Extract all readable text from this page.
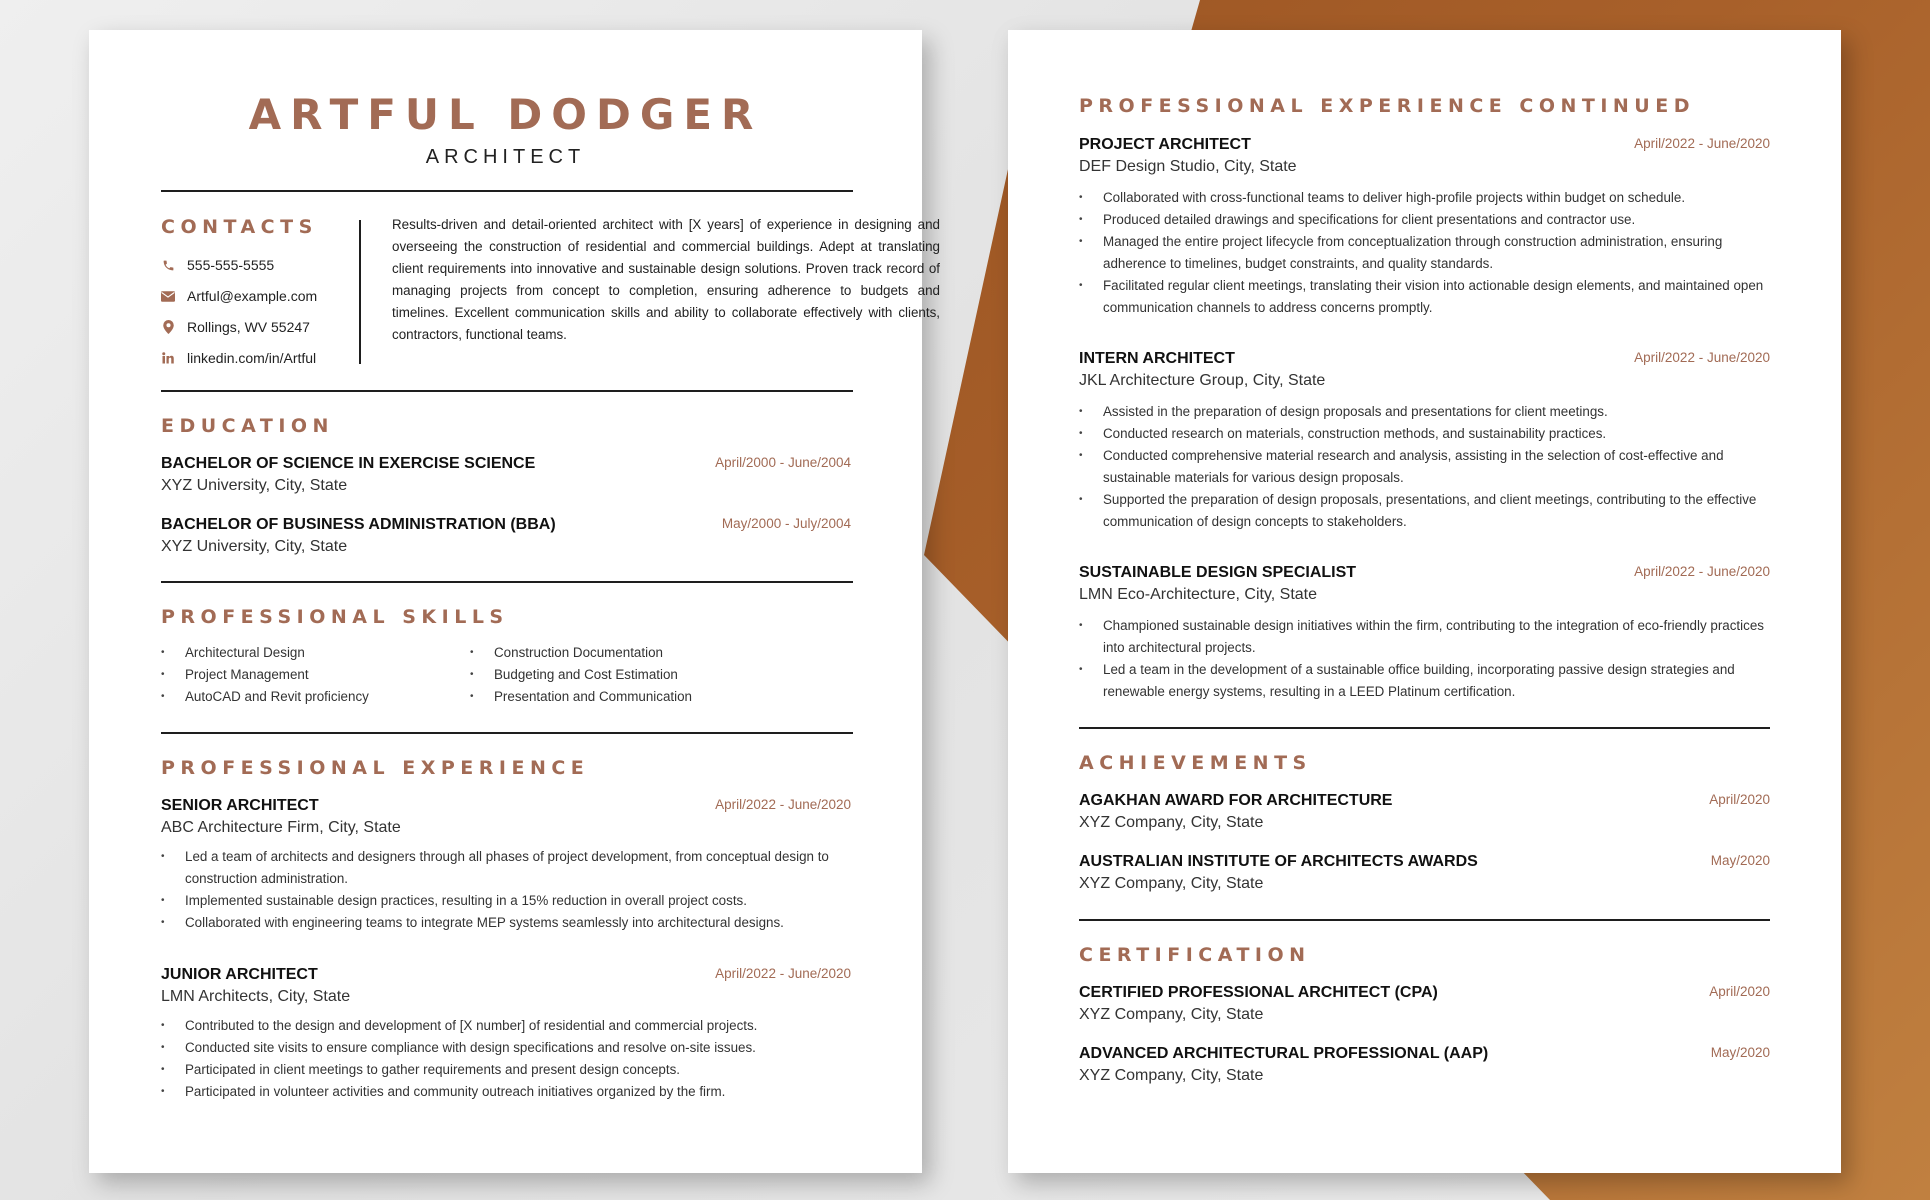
ARTFUL DODGER
ARCHITECT
CONTACTS
555-555-5555
Artful@example.com
Rollings, WV 55247
linkedin.com/in/Artful
Results-driven and detail-oriented architect with [X years] of experience in designing and overseeing the construction of residential and commercial buildings. Adept at translating client requirements into innovative and sustainable design solutions. Proven track record of managing projects from concept to completion, ensuring adherence to budgets and timelines. Excellent communication skills and ability to collaborate effectively with clients, contractors, functional teams.
EDUCATION
BACHELOR OF SCIENCE IN EXERCISE SCIENCE	April/2000 - June/2004
XYZ University, City, State
BACHELOR OF BUSINESS ADMINISTRATION (BBA)	May/2000 - July/2004
XYZ University, City, State
PROFESSIONAL SKILLS
• Architectural Design
• Project Management
• AutoCAD and Revit proficiency
• Construction Documentation
• Budgeting and Cost Estimation
• Presentation and Communication
PROFESSIONAL EXPERIENCE
SENIOR ARCHITECT	April/2022 - June/2020
ABC Architecture Firm, City, State
• Led a team of architects and designers through all phases of project development, from conceptual design to construction administration.
• Implemented sustainable design practices, resulting in a 15% reduction in overall project costs.
• Collaborated with engineering teams to integrate MEP systems seamlessly into architectural designs.
JUNIOR ARCHITECT	April/2022 - June/2020
LMN Architects, City, State
• Contributed to the design and development of [X number] of residential and commercial projects.
• Conducted site visits to ensure compliance with design specifications and resolve on-site issues.
• Participated in client meetings to gather requirements and present design concepts.
• Participated in volunteer activities and community outreach initiatives organized by the firm.
PROFESSIONAL EXPERIENCE CONTINUED
PROJECT ARCHITECT	April/2022 - June/2020
DEF Design Studio, City, State
• Collaborated with cross-functional teams to deliver high-profile projects within budget on schedule.
• Produced detailed drawings and specifications for client presentations and contractor use.
• Managed the entire project lifecycle from conceptualization through construction administration, ensuring adherence to timelines, budget constraints, and quality standards.
• Facilitated regular client meetings, translating their vision into actionable design elements, and maintained open communication channels to address concerns promptly.
INTERN ARCHITECT	April/2022 - June/2020
JKL Architecture Group, City, State
• Assisted in the preparation of design proposals and presentations for client meetings.
• Conducted research on materials, construction methods, and sustainability practices.
• Conducted comprehensive material research and analysis, assisting in the selection of cost-effective and sustainable materials for various design proposals.
• Supported the preparation of design proposals, presentations, and client meetings, contributing to the effective communication of design concepts to stakeholders.
SUSTAINABLE DESIGN SPECIALIST	April/2022 - June/2020
LMN Eco-Architecture, City, State
• Championed sustainable design initiatives within the firm, contributing to the integration of eco-friendly practices into architectural projects.
• Led a team in the development of a sustainable office building, incorporating passive design strategies and renewable energy systems, resulting in a LEED Platinum certification.
ACHIEVEMENTS
AGAKHAN AWARD FOR ARCHITECTURE	April/2020
XYZ Company, City, State
AUSTRALIAN INSTITUTE OF ARCHITECTS AWARDS	May/2020
XYZ Company, City, State
CERTIFICATION
CERTIFIED PROFESSIONAL ARCHITECT (CPA)	April/2020
XYZ Company, City, State
ADVANCED ARCHITECTURAL PROFESSIONAL (AAP)	May/2020
XYZ Company, City, State
